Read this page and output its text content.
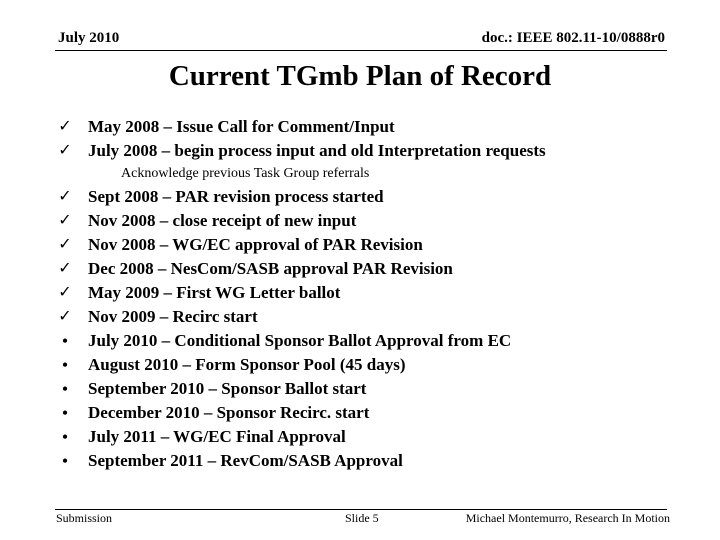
July 2010	doc.: IEEE 802.11-10/0888r0
Current TGmb Plan of Record
✓ May 2008 – Issue Call for Comment/Input
✓ July 2008 – begin process input and old Interpretation requests
Acknowledge previous Task Group referrals
✓ Sept 2008 – PAR revision process started
✓ Nov 2008 – close receipt of new input
✓ Nov 2008 – WG/EC approval of PAR Revision
✓ Dec 2008 – NesCom/SASB approval PAR Revision
✓ May 2009 – First WG Letter ballot
✓ Nov 2009 – Recirc start
•	July 2010 – Conditional Sponsor Ballot Approval from EC
•	August 2010 – Form Sponsor Pool (45 days)
•	September 2010 – Sponsor Ballot start
•	December 2010 – Sponsor Recirc. start
•	July 2011 – WG/EC Final Approval
•	September 2011 – RevCom/SASB Approval
Submission	Slide 5	Michael Montemurro, Research In Motion
